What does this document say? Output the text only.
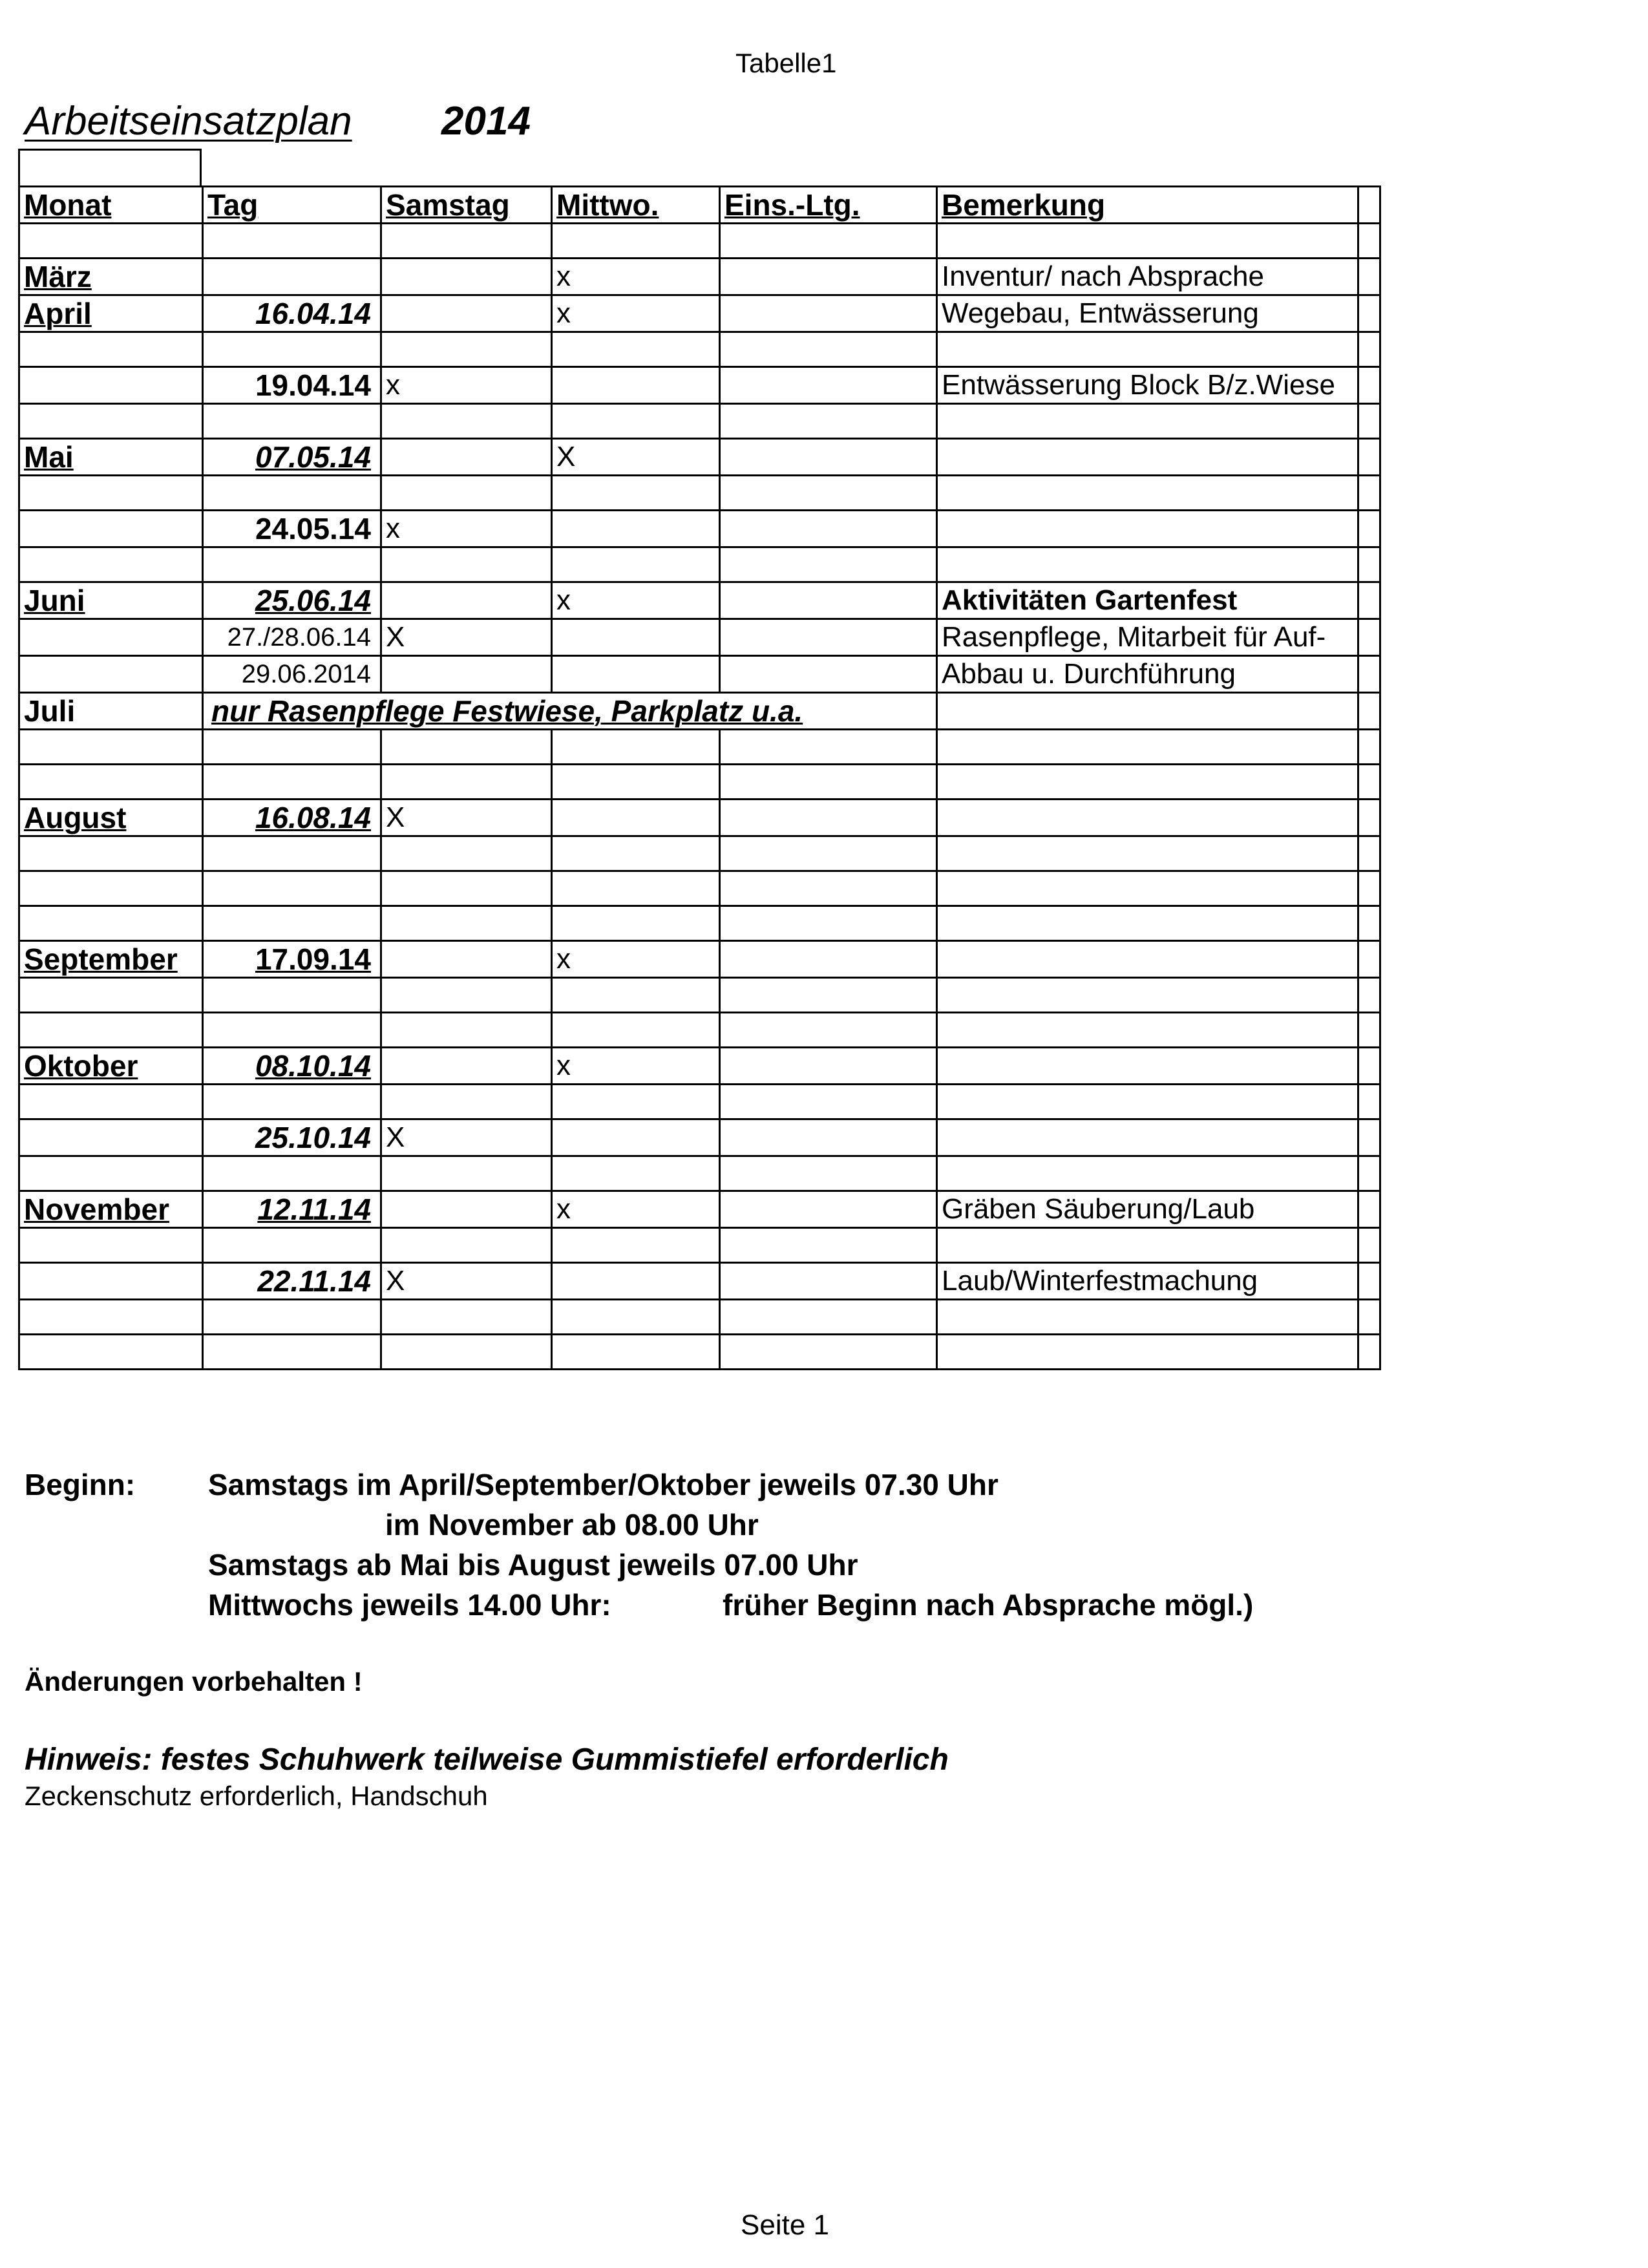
Tabelle1
Arbeitseinsatzplan 2014
Monat	Tag	Samstag	Mittwo.	Eins.-Ltg.	Bemerkung	

März			x		Inventur/ nach Absprache	
April	16.04.14		x		Wegebau, Entwässerung	

	19.04.14	x			Entwässerung Block B/z.Wiese	

Mai	07.05.14		X			

	24.05.14	x				

Juni	25.06.14		x		Aktivitäten Gartenfest	
	27./28.06.14	X			Rasenpflege, Mitarbeit für Auf-	
	29.06.2014				Abbau u. Durchführung	
Juli	nur Rasenpflege Festwiese, Parkplatz u.a.					

August	16.08.14	X				

September	17.09.14		x			

Oktober	08.10.14		x			

	25.10.14	X				

November	12.11.14		x		Gräben Säuberung/Laub	

	22.11.14	X			Laub/Winterfestmachung	

Beginn: Samstags im April/September/Oktober jeweils 07.30 Uhr
im November ab 08.00 Uhr
Samstags ab Mai bis August jeweils 07.00 Uhr
Mittwochs jeweils 14.00 Uhr:	früher Beginn nach Absprache mögl.)
Änderungen vorbehalten !
Hinweis: festes Schuhwerk teilweise Gummistiefel erforderlich
Zeckenschutz erforderlich, Handschuh
Seite 1
